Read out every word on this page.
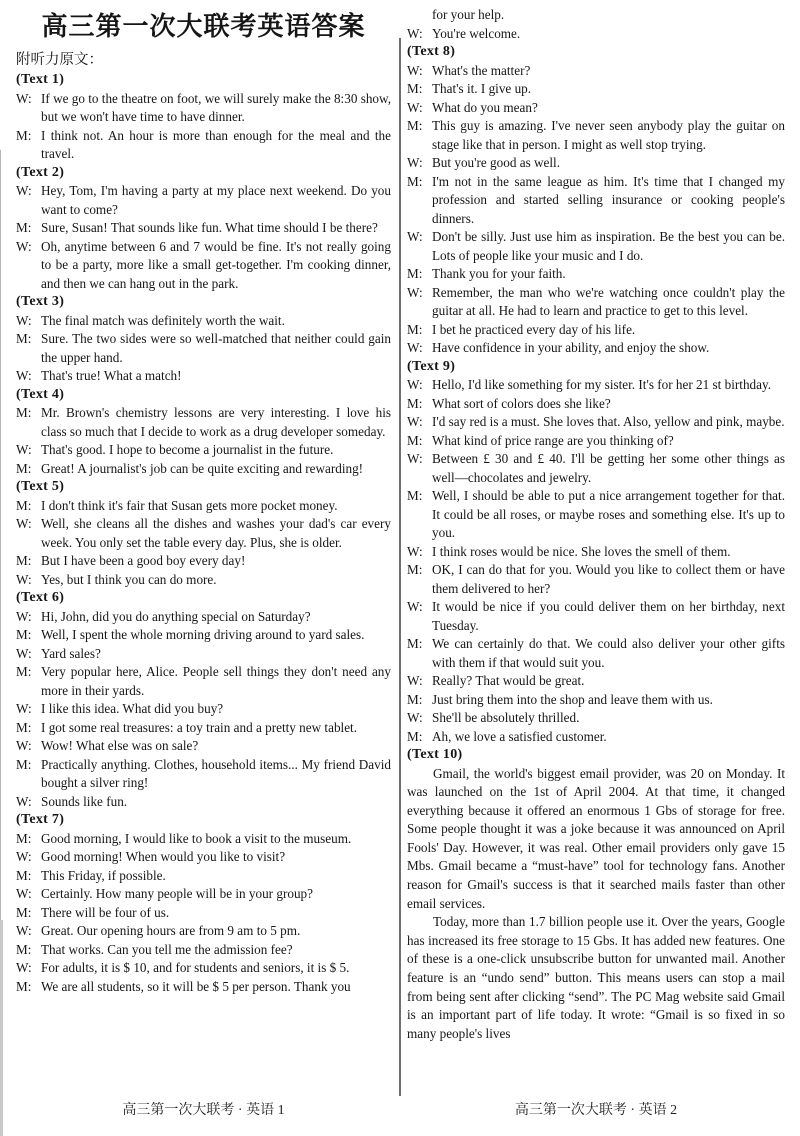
高三第一次大联考英语答案

附听力原文：

(Text 1)

W: If we go to the theatre on foot, we will surely make the 8:30 show, but we won't have time to have dinner.

M: I think not. An hour is more than enough for the meal and the travel.

(Text 2)

W: Hey, Tom, I'm having a party at my place next weekend. Do you want to come?

M: Sure, Susan! That sounds like fun. What time should I be there?

W: Oh, anytime between 6 and 7 would be fine. It's not really going to be a party, more like a small get-together. I'm cooking dinner, and then we can hang out in the park.

(Text 3)

W: The final match was definitely worth the wait.

M: Sure. The two sides were so well-matched that neither could gain the upper hand.

W: That's true! What a match!

(Text 4)

M: Mr. Brown's chemistry lessons are very interesting. I love his class so much that I decide to work as a drug developer someday.

W: That's good. I hope to become a journalist in the future.

M: Great! A journalist's job can be quite exciting and rewarding!

(Text 5)

M: I don't think it's fair that Susan gets more pocket money.

W: Well, she cleans all the dishes and washes your dad's car every week. You only set the table every day. Plus, she is older.

M: But I have been a good boy every day!

W: Yes, but I think you can do more.

(Text 6)

W: Hi, John, did you do anything special on Saturday?

M: Well, I spent the whole morning driving around to yard sales.

W: Yard sales?

M: Very popular here, Alice. People sell things they don't need any more in their yards.

W: I like this idea. What did you buy?

M: I got some real treasures: a toy train and a pretty new tablet.

W: Wow! What else was on sale?

M: Practically anything. Clothes, household items... My friend David bought a silver ring!

W: Sounds like fun.

(Text 7)

M: Good morning, I would like to book a visit to the museum.

W: Good morning! When would you like to visit?

M: This Friday, if possible.

W: Certainly. How many people will be in your group?

M: There will be four of us.

W: Great. Our opening hours are from 9 am to 5 pm.

M: That works. Can you tell me the admission fee?

W: For adults, it is $ 10, and for students and seniors, it is $ 5.

M: We are all students, so it will be $ 5 per person. Thank you

for your help.

W: You're welcome.

(Text 8)

W: What's the matter?

M: That's it. I give up.

W: What do you mean?

M: This guy is amazing. I've never seen anybody play the guitar on stage like that in person. I might as well stop trying.

W: But you're good as well.

M: I'm not in the same league as him. It's time that I changed my profession and started selling insurance or cooking people's dinners.

W: Don't be silly. Just use him as inspiration. Be the best you can be. Lots of people like your music and I do.

M: Thank you for your faith.

W: Remember, the man who we're watching once couldn't play the guitar at all. He had to learn and practice to get to this level.

M: I bet he practiced every day of his life.

W: Have confidence in your ability, and enjoy the show.

(Text 9)

W: Hello, I'd like something for my sister. It's for her 21 st birthday.

M: What sort of colors does she like?

W: I'd say red is a must. She loves that. Also, yellow and pink, maybe.

M: What kind of price range are you thinking of?

W: Between £ 30 and £ 40. I'll be getting her some other things as well—chocolates and jewelry.

M: Well, I should be able to put a nice arrangement together for that. It could be all roses, or maybe roses and something else. It's up to you.

W: I think roses would be nice. She loves the smell of them.

M: OK, I can do that for you. Would you like to collect them or have them delivered to her?

W: It would be nice if you could deliver them on her birthday, next Tuesday.

M: We can certainly do that. We could also deliver your other gifts with them if that would suit you.

W: Really? That would be great.

M: Just bring them into the shop and leave them with us.

W: She'll be absolutely thrilled.

M: Ah, we love a satisfied customer.

(Text 10)

Gmail, the world's biggest email provider, was 20 on Monday. It was launched on the 1st of April 2004. At that time, it changed everything because it offered an enormous 1 Gbs of storage for free. Some people thought it was a joke because it was announced on April Fools' Day. However, it was real. Other email providers only gave 15 Mbs. Gmail became a “must-have” tool for technology fans. Another reason for Gmail's success is that it searched mails faster than other email services.

Today, more than 1.7 billion people use it. Over the years, Google has increased its free storage to 15 Gbs. It has added new features. One of these is a one-click unsubscribe button for unwanted mail. Another feature is an “undo send” button. This means users can stop a mail from being sent after clicking “send”. The PC Mag website said Gmail is an important part of life today. It wrote: “Gmail is so fixed in so many people's lives

高三第一次大联考 · 英语 1	高三第一次大联考 · 英语 2
